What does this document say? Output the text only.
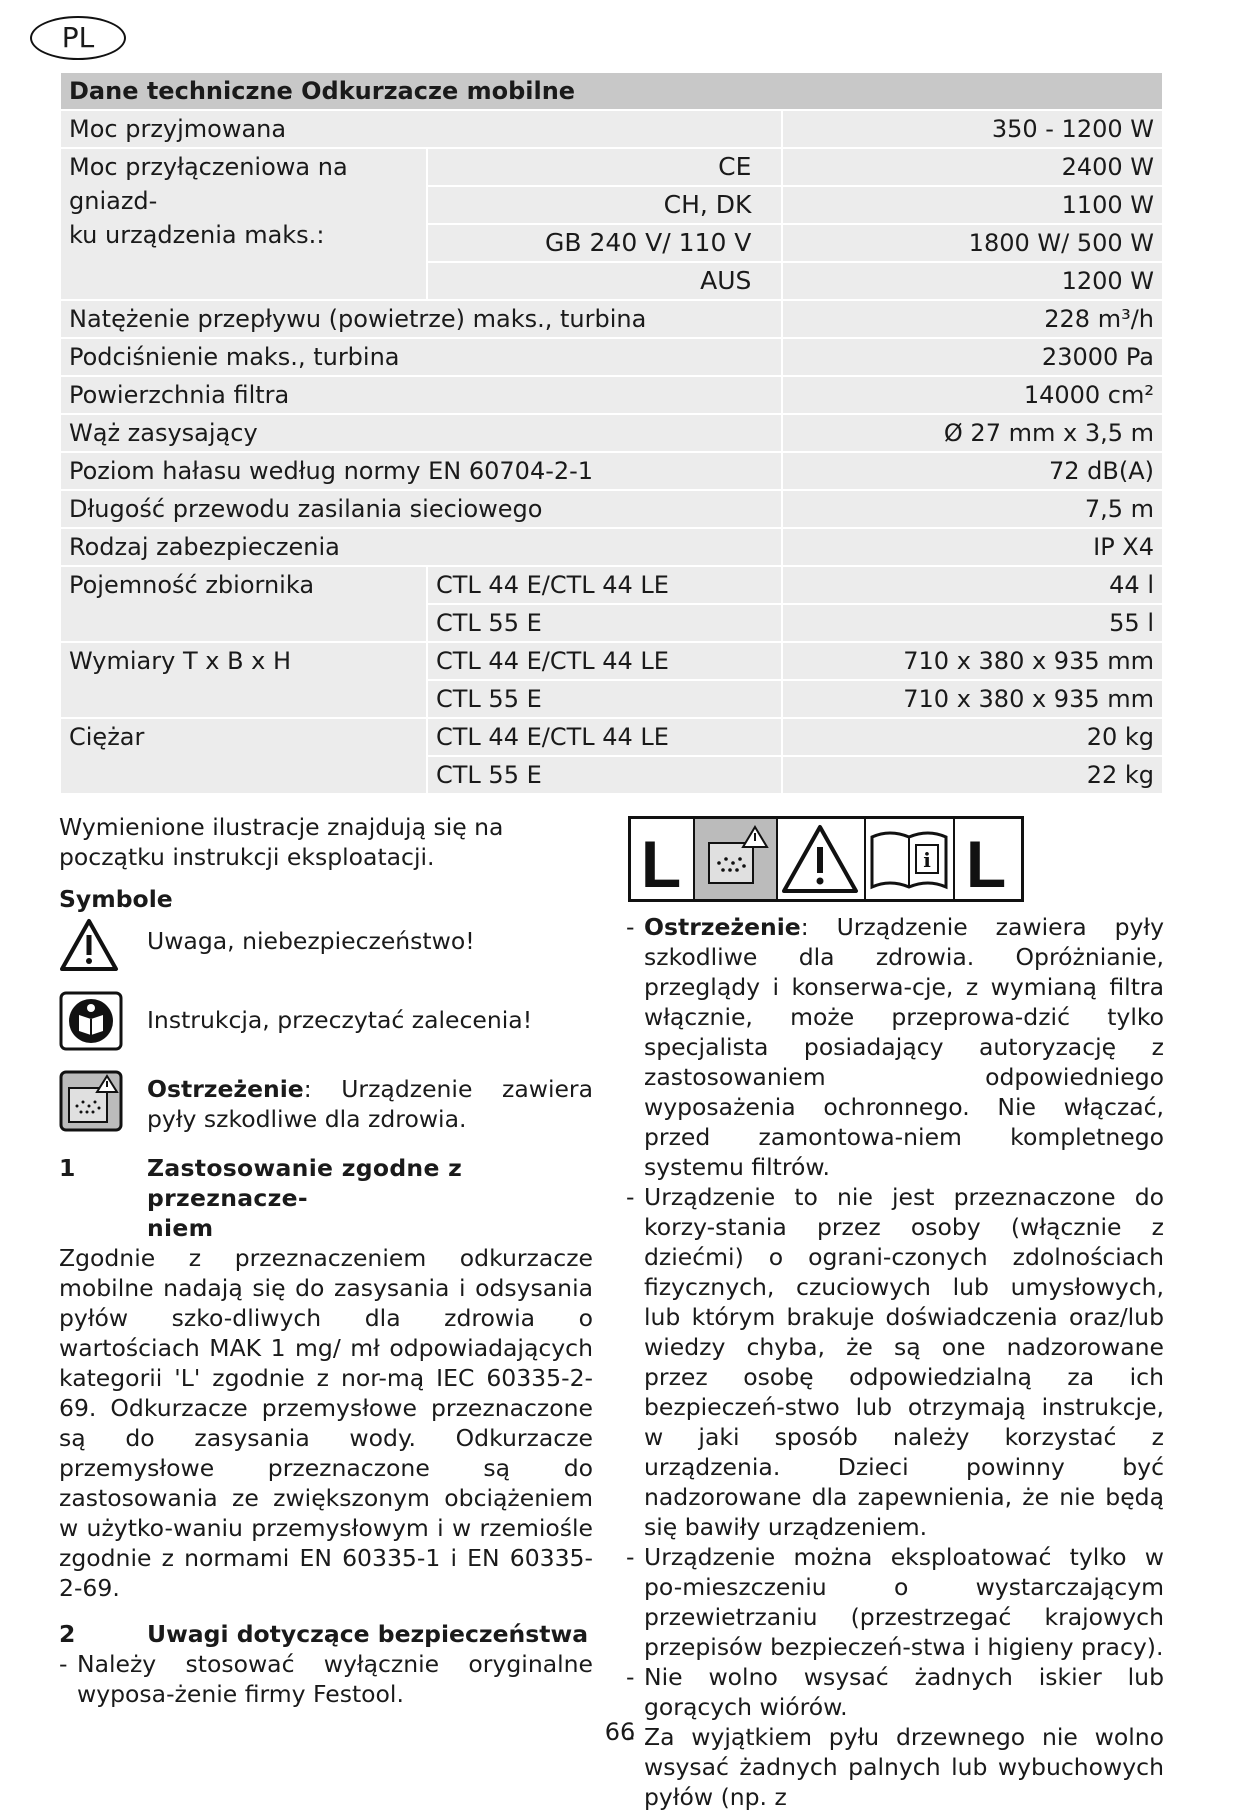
PL
Dane techniczne Odkurzacze mobilne		
Moc przyjmowana		350 - 1200 W
Moc przyłączeniowa na gniazd-
ku urządzenia maks.:	CE	2400 W
	CH, DK	1100 W
	GB 240 V/ 110 V	1800 W/ 500 W
	AUS	1200 W
Natężenie przepływu (powietrze) maks., turbina		228 m³/h
Podciśnienie maks., turbina		23000 Pa
Powierzchnia filtra		14000 cm²
Wąż zasysający		Ø 27 mm x 3,5 m
Poziom hałasu według normy EN 60704-2-1		72 dB(A)
Długość przewodu zasilania sieciowego		7,5 m
Rodzaj zabezpieczenia		IP X4
Pojemność zbiornika	CTL 44 E/CTL 44 LE	44 l
	CTL 55 E	55 l
Wymiary T x B x H	CTL 44 E/CTL 44 LE	710 x 380 x 935 mm
	CTL 55 E	710 x 380 x 935 mm
Ciężar	CTL 44 E/CTL 44 LE	20 kg
	CTL 55 E	22 kg

Wymienione ilustracje znajdują się na początku instrukcji eksploatacji.

Symbole

Uwaga, niebezpieczeństwo!
Instrukcja, przeczytać zalecenia!
Ostrzeżenie: Urządzenie zawiera pyły szkodliwe dla zdrowia.
1	Zastosowanie zgodne z przeznacze-
niem

Zgodnie z przeznaczeniem odkurzacze mobilne nadają się do zasysania i odsysania pyłów szko-dliwych dla zdrowia o wartościach MAK 1 mg/ mł odpowiadających kategorii 'L' zgodnie z nor-mą IEC 60335-2-69. Odkurzacze przemysłowe przeznaczone są do zasysania wody. Odkurzacze przemysłowe przeznaczone są do zastosowania ze zwiększonym obciążeniem w użytko-waniu przemysłowym i w rzemiośle zgodnie z normami EN 60335-1 i EN 60335-2-69.

2	Uwagi dotyczące bezpieczeństwa
- Należy stosować wyłącznie oryginalne wyposa-żenie firmy Festool.
L	i L
- Ostrzeżenie: Urządzenie zawiera pyły szkodliwe dla zdrowia. Opróżnianie, przeglądy i konserwa-cje, z wymianą filtra włącznie, może przeprowa-dzić tylko specjalista posiadający autoryzację z zastosowaniem odpowiedniego wyposażenia ochronnego. Nie włączać, przed zamontowa-niem kompletnego systemu filtrów.
- Urządzenie to nie jest przeznaczone do korzy-stania przez osoby (włącznie z dziećmi) o ograni-czonych zdolnościach fizycznych, czuciowych lub umysłowych, lub którym brakuje doświadczenia oraz/lub wiedzy chyba, że są one nadzorowane przez osobę odpowiedzialną za ich bezpieczeń-stwo lub otrzymają instrukcje, w jaki sposób należy korzystać z urządzenia. Dzieci powinny być nadzorowane dla zapewnienia, że nie będą się bawiły urządzeniem.
- Urządzenie można eksploatować tylko w po-mieszczeniu o wystarczającym przewietrzaniu (przestrzegać krajowych przepisów bezpieczeń-stwa i higieny pracy).
- Nie wolno wsysać żadnych iskier lub gorących wiórów.
- Za wyjątkiem pyłu drzewnego nie wolno wsysać żadnych palnych lub wybuchowych pyłów (np. z
66
